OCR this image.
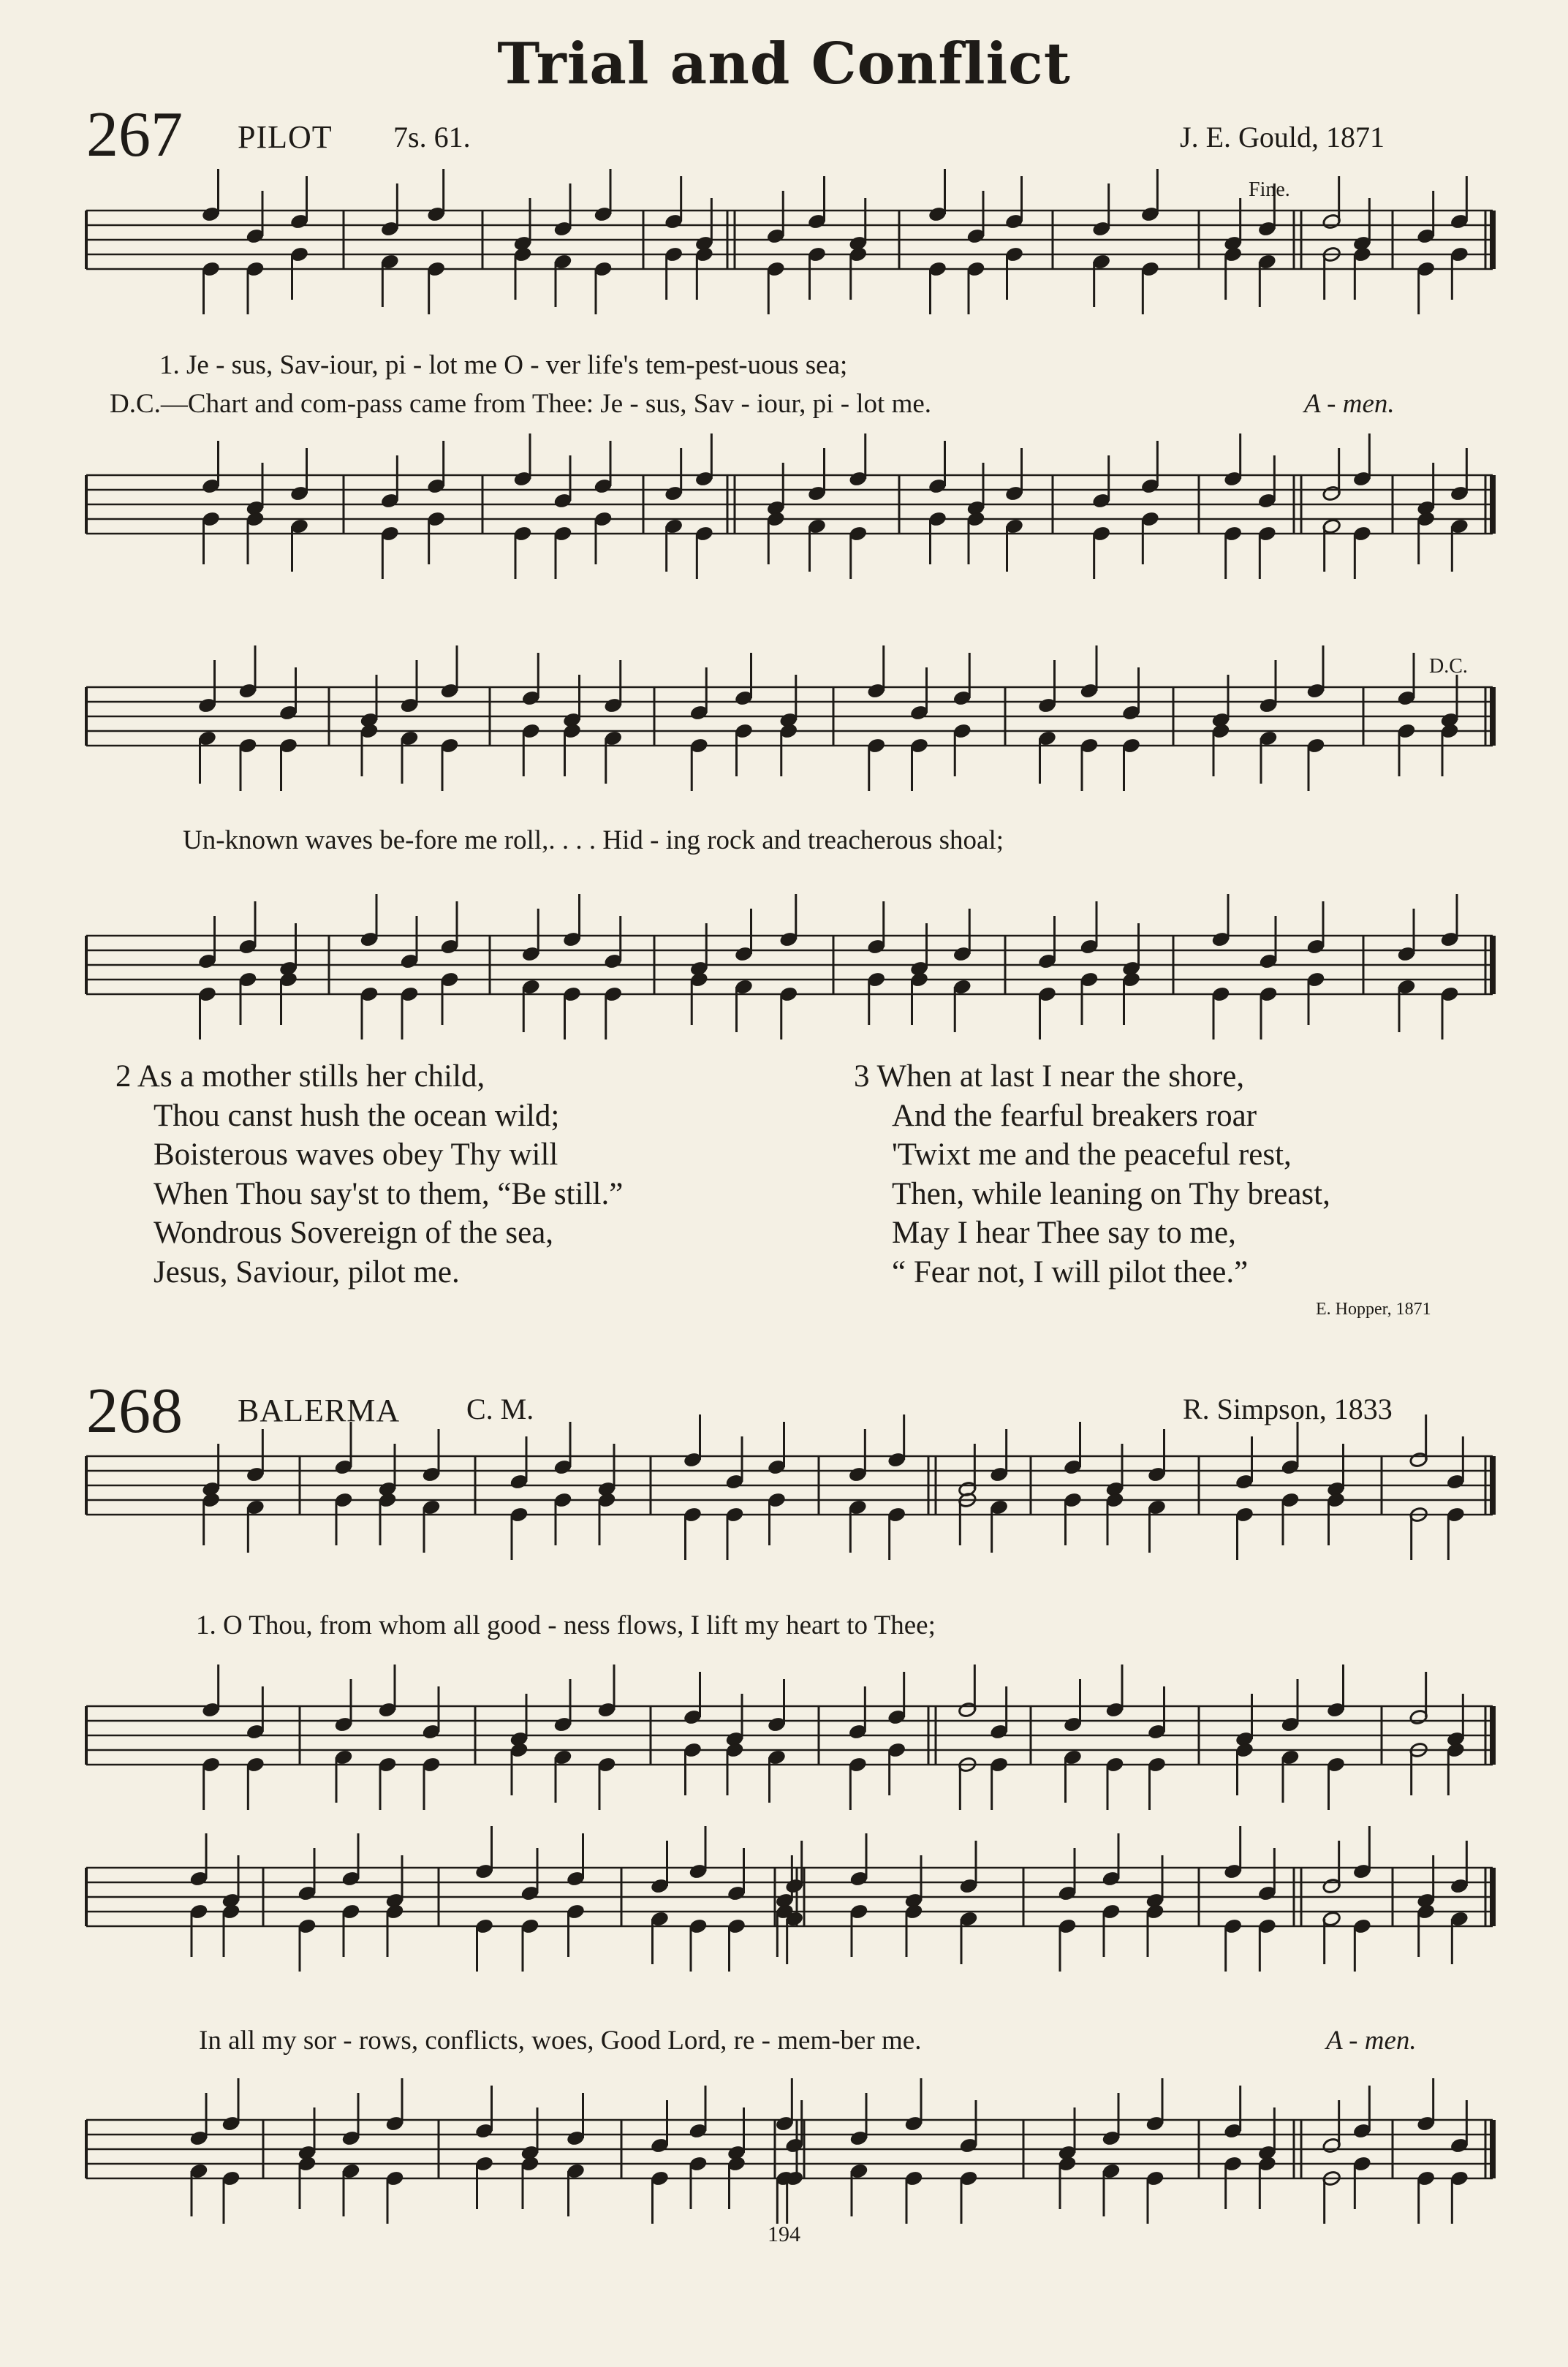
Trial and Conflict
267 PILOT 7s. 61.	J. E. Gould, 1871
Fine.
D.C.
1. Je - sus, Sav-iour, pi - lot me O - ver life's tem-pest-uous sea;
D.C.—Chart and com-pass came from Thee: Je - sus, Sav - iour, pi - lot me.	A - men.
Un-known waves be-fore me roll,. . . . Hid - ing rock and treacherous shoal;
2 As a mother stills her child,
Thou canst hush the ocean wild;
Boisterous waves obey Thy will
When Thou say'st to them, “Be still.”
Wondrous Sovereign of the sea,
Jesus, Saviour, pilot me.
3 When at last I near the shore,
And the fearful breakers roar
'Twixt me and the peaceful rest,
Then, while leaning on Thy breast,
May I hear Thee say to me,
“ Fear not, I will pilot thee.”
E. Hopper, 1871
268 BALERMA C. M.	R. Simpson, 1833
1. O Thou, from whom all good - ness flows, I lift my heart to Thee;
In all my sor - rows, conflicts, woes, Good Lord, re - mem-ber me.	A - men.
194
